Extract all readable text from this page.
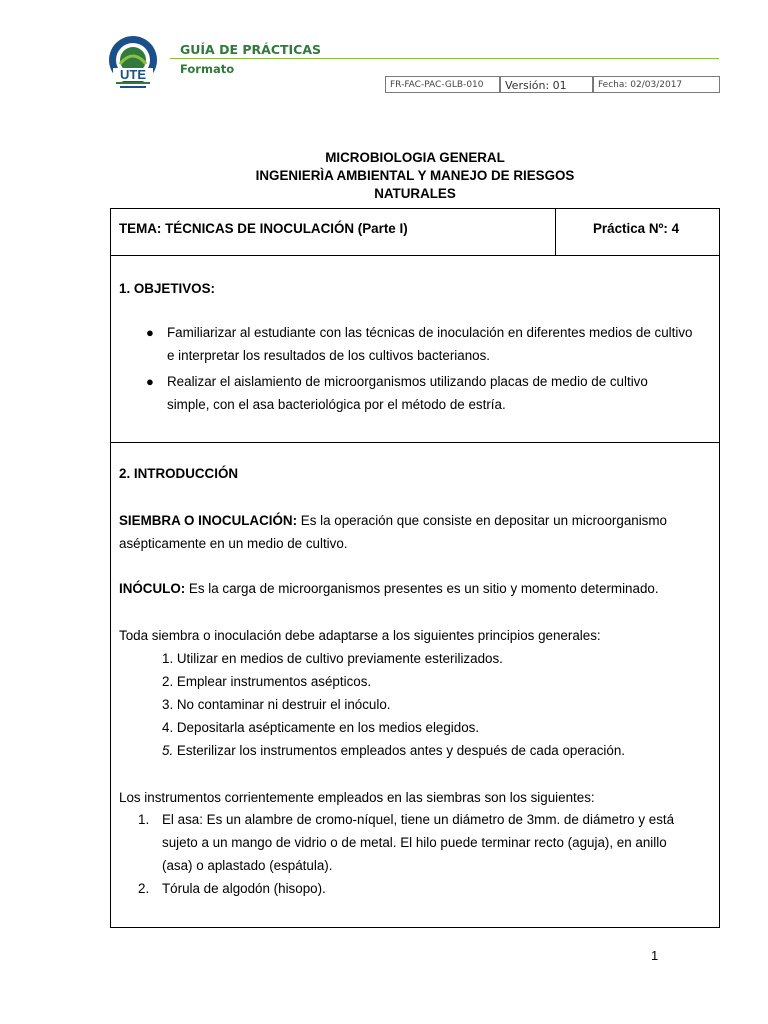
UTE
GUÍA DE PRÁCTICAS
Formato
FR-FAC-PAC-GLB-010	Versión: 01	Fecha: 02/03/2017
MICROBIOLOGIA GENERAL
INGENIERÌA AMBIENTAL Y MANEJO DE RIESGOS
NATURALES
TEMA: TÉCNICAS DE INOCULACIÓN (Parte I)	Práctica Nº: 4
1. OBJETIVOS:
● Familiarizar al estudiante con las técnicas de inoculación en diferentes medios de cultivo
e interpretar los resultados de los cultivos bacterianos.
● Realizar el aislamiento de microorganismos utilizando placas de medio de cultivo
simple, con el asa bacteriológica por el método de estría.
2. INTRODUCCIÓN
SIEMBRA O INOCULACIÓN: Es la operación que consiste en depositar un microorganismo
asépticamente en un medio de cultivo.
INÓCULO: Es la carga de microorganismos presentes es un sitio y momento determinado.
Toda siembra o inoculación debe adaptarse a los siguientes principios generales:
1. Utilizar en medios de cultivo previamente esterilizados.
2. Emplear instrumentos asépticos.
3. No contaminar ni destruir el inóculo.
4. Depositarla asépticamente en los medios elegidos.
5. Esterilizar los instrumentos empleados antes y después de cada operación.
Los instrumentos corrientemente empleados en las siembras son los siguientes:
1. El asa: Es un alambre de cromo-níquel, tiene un diámetro de 3mm. de diámetro y está
sujeto a un mango de vidrio o de metal. El hilo puede terminar recto (aguja), en anillo
(asa) o aplastado (espátula).
2. Tórula de algodón (hisopo).
1
